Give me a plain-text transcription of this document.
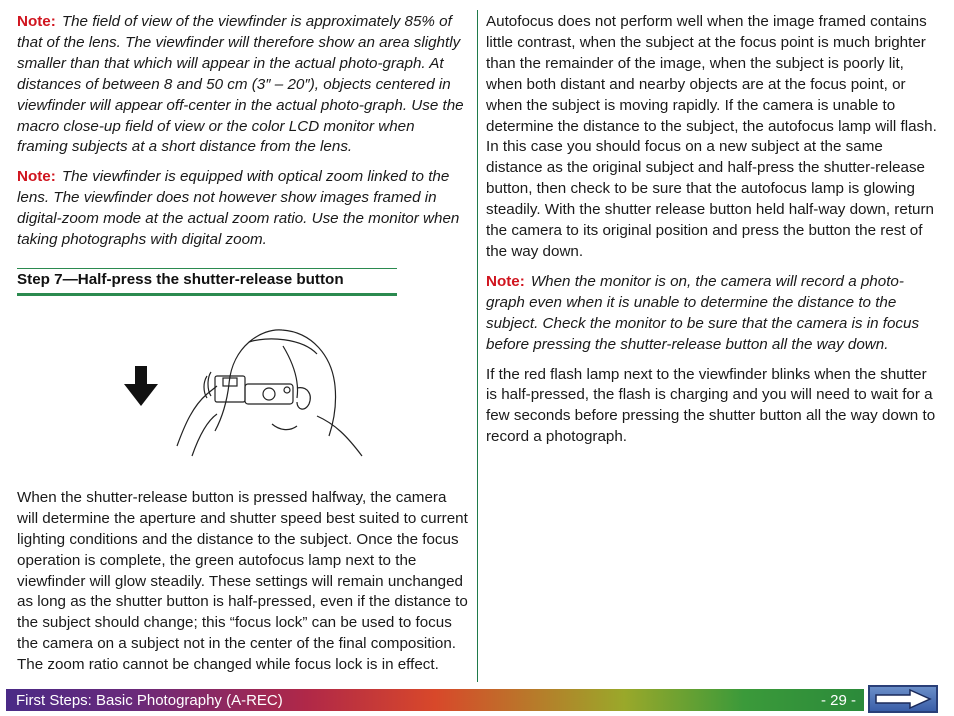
Note: The field of view of the viewfinder is approximately 85% of that of the lens. The viewfinder will therefore show an area slightly smaller than that which will appear in the actual photo-graph. At distances of between 8 and 50 cm (3″ – 20″), objects centered in viewfinder will appear off-center in the actual photo-graph. Use the macro close-up field of view or the color LCD monitor when framing subjects at a short distance from the lens.

Note: The viewfinder is equipped with optical zoom linked to the lens. The viewfinder does not however show images framed in digital-zoom mode at the actual zoom ratio. Use the monitor when taking photographs with digital zoom.

Step 7—Half-press the shutter-release button

When the shutter-release button is pressed halfway, the camera will determine the aperture and shutter speed best suited to current lighting conditions and the distance to the subject. Once the focus operation is complete, the green autofocus lamp next to the viewfinder will glow steadily. These settings will remain unchanged as long as the shutter button is half-pressed, even if the distance to the subject should change; this “focus lock” can be used to focus the camera on a subject not in the center of the final composition. The zoom ratio cannot be changed while focus lock is in effect.

Autofocus does not perform well when the image framed contains little contrast, when the subject at the focus point is much brighter than the remainder of the image, when the subject is poorly lit, when both distant and nearby objects are at the focus point, or when the subject is moving rapidly. If the camera is unable to determine the distance to the subject, the autofocus lamp will flash. In this case you should focus on a new subject at the same distance as the original subject and half-press the shutter-release button, then check to be sure that the autofocus lamp is glowing steadily. With the shutter release button held half-way down, return the camera to its original position and press the button the rest of the way down.

Note: When the monitor is on, the camera will record a photo-graph even when it is unable to determine the distance to the subject. Check the monitor to be sure that the camera is in focus before pressing the shutter-release button all the way down.

If the red flash lamp next to the viewfinder blinks when the shutter is half-pressed, the flash is charging and you will need to wait for a few seconds before pressing the shutter button all the way down to record a photograph.

First Steps: Basic Photography (A-REC)	- 29 -
